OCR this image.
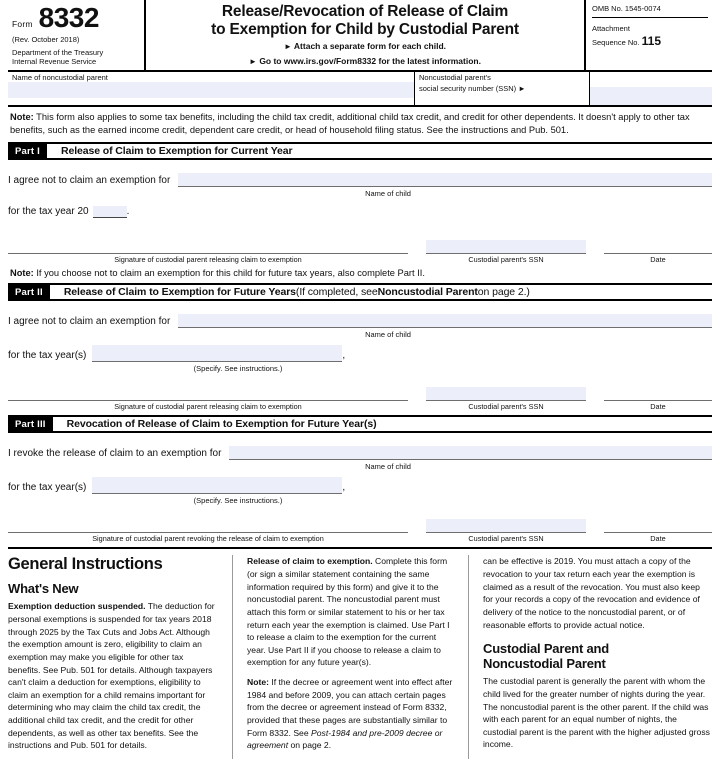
Form 8332
(Rev. October 2018)
Department of the Treasury
Internal Revenue Service
Release/Revocation of Release of Claim
to Exemption for Child by Custodial Parent
► Attach a separate form for each child.
► Go to www.irs.gov/Form8332 for the latest information.
OMB No. 1545-0074
Attachment
Sequence No. 115
Name of noncustodial parent	Noncustodial parent's
social security number (SSN) ►
Note: This form also applies to some tax benefits, including the child tax credit, additional child tax credit, and credit for other dependents. It doesn't apply to other tax benefits, such as the earned income credit, dependent care credit, or head of household filing status. See the instructions and Pub. 501.
Part I	Release of Claim to Exemption for Current Year
I agree not to claim an exemption for
Name of child
for the tax year 20	.
Signature of custodial parent releasing claim to exemption	Custodial parent's SSN	Date
Note: If you choose not to claim an exemption for this child for future tax years, also complete Part II.
Part II	Release of Claim to Exemption for Future Years (If completed, see Noncustodial Parent on page 2.)
I agree not to claim an exemption for
Name of child
for the tax year(s)	,
(Specify. See instructions.)
Signature of custodial parent releasing claim to exemption	Custodial parent's SSN	Date
Part III	Revocation of Release of Claim to Exemption for Future Year(s)
I revoke the release of claim to an exemption for
Name of child
for the tax year(s)	,
(Specify. See instructions.)
Signature of custodial parent revoking the release of claim to exemption	Custodial parent's SSN	Date
General Instructions
What's New

Exemption deduction suspended. The deduction for personal exemptions is suspended for tax years 2018 through 2025 by the Tax Cuts and Jobs Act. Although the exemption amount is zero, eligibility to claim an exemption may make you eligible for other tax benefits. See Pub. 501 for details. Although taxpayers can't claim a deduction for exemptions, eligibility to claim an exemption for a child remains important for determining who may claim the child tax credit, the additional child tax credit, and the credit for other dependents, as well as other tax benefits. See the instructions and Pub. 501 for details.

Release of claim to exemption. Complete this form (or sign a similar statement containing the same information required by this form) and give it to the noncustodial parent. The noncustodial parent must attach this form or similar statement to his or her tax return each year the exemption is claimed. Use Part I to release a claim to the exemption for the current year. Use Part II if you choose to release a claim to exemption for any future year(s).

Note: If the decree or agreement went into effect after 1984 and before 2009, you can attach certain pages from the decree or agreement instead of Form 8332, provided that these pages are substantially similar to Form 8332. See Post-1984 and pre-2009 decree or agreement on page 2.

can be effective is 2019. You must attach a copy of the revocation to your tax return each year the exemption is claimed as a result of the revocation. You must also keep for your records a copy of the revocation and evidence of delivery of the notice to the noncustodial parent, or of reasonable efforts to provide actual notice.

Custodial Parent and
Noncustodial Parent

The custodial parent is generally the parent with whom the child lived for the greater number of nights during the year. The noncustodial parent is the other parent. If the child was with each parent for an equal number of nights, the custodial parent is the parent with the higher adjusted gross income.
